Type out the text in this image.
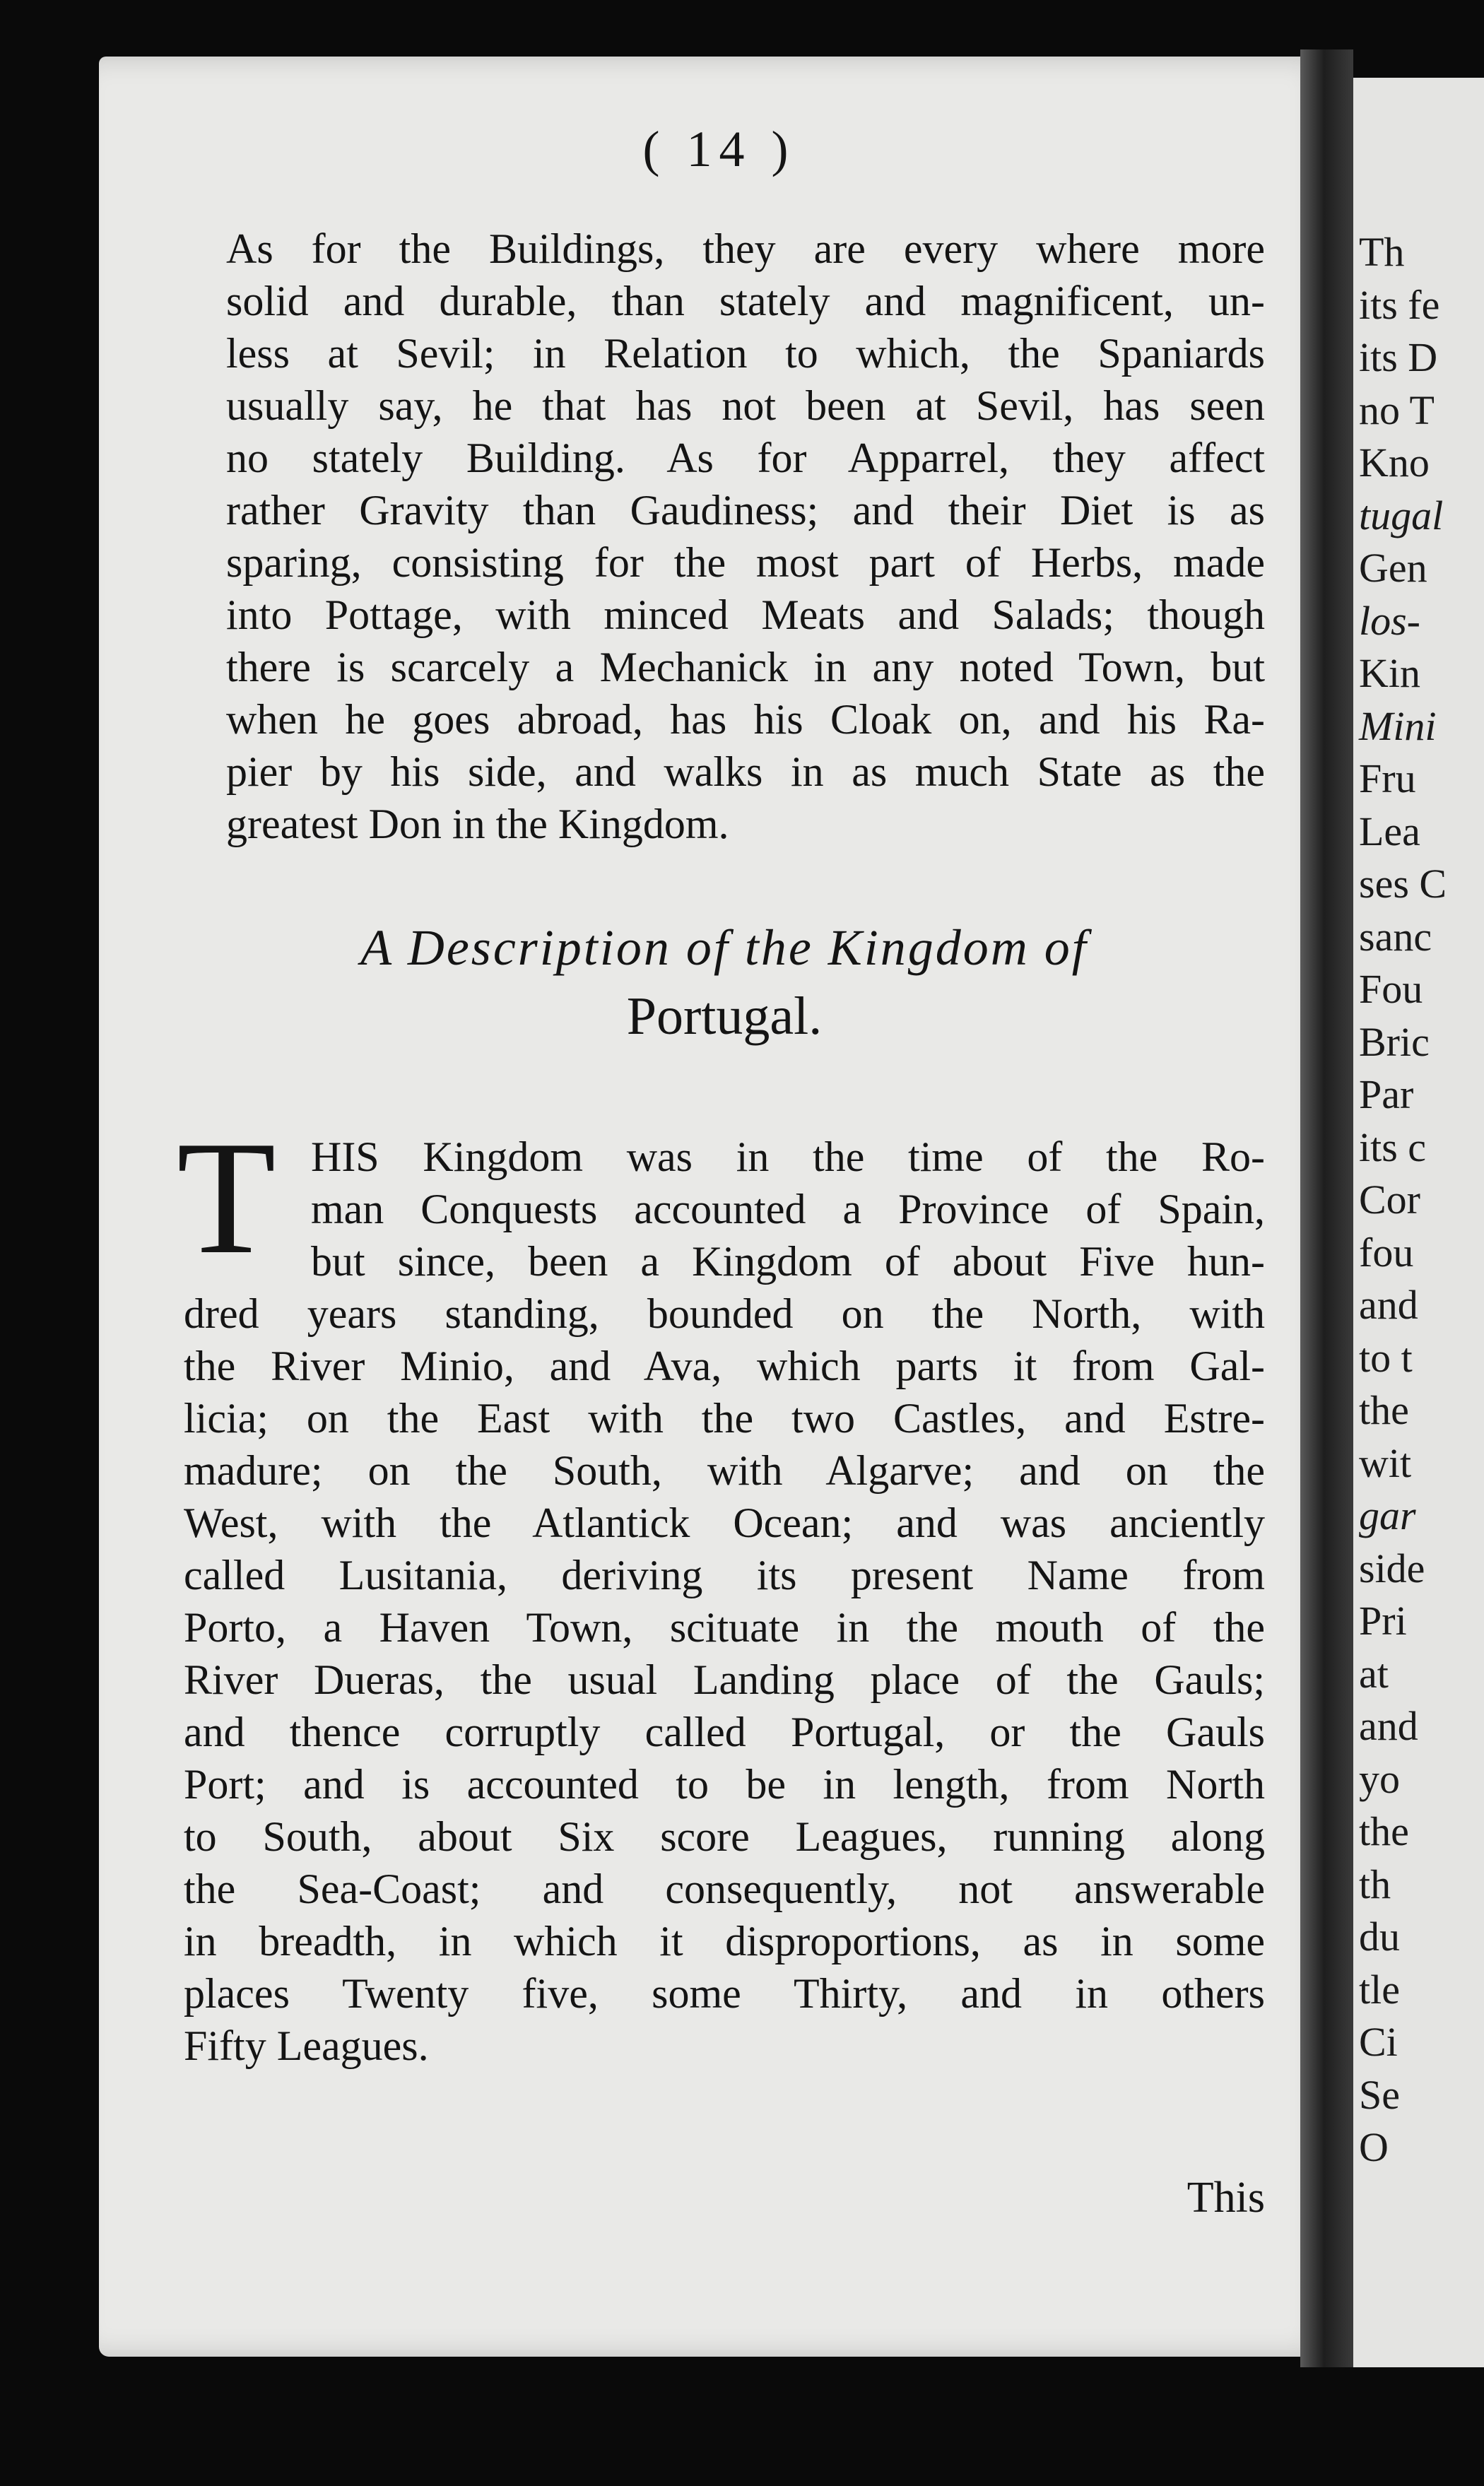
Th
its fe
its D
no T
Kno
tugal
Gen
los-
Kin
Mini
Fru
Lea
ses C
sanc
Fou
Bric
Par
its c
Cor
fou
and
to t
the
wit
gar
side
Pri
at
and
yo
the
th
du
tle
Ci
Se
O
( 14 )
As for the Buildings, they are every where more
solid and durable, than stately and magnificent, un-
less at Sevil; in Relation to which, the Spaniards
usually say, he that has not been at Sevil, has seen
no stately Building. As for Apparrel, they affect
rather Gravity than Gaudiness; and their Diet is as
sparing, consisting for the most part of Herbs, made
into Pottage, with minced Meats and Salads; though
there is scarcely a Mechanick in any noted Town, but
when he goes abroad, has his Cloak on, and his Ra-
pier by his side, and walks in as much State as the
greatest Don in the Kingdom.
A Description of the Kingdom of
Portugal.
T HIS Kingdom was in the time of the Ro-
man Conquests accounted a Province of Spain,
but since, been a Kingdom of about Five hun-
dred years standing, bounded on the North, with
the River Minio, and Ava, which parts it from Gal-
licia; on the East with the two Castles, and Estre-
madure; on the South, with Algarve; and on the
West, with the Atlantick Ocean; and was anciently
called Lusitania, deriving its present Name from
Porto, a Haven Town, scituate in the mouth of the
River Dueras, the usual Landing place of the Gauls;
and thence corruptly called Portugal, or the Gauls
Port; and is accounted to be in length, from North
to South, about Six score Leagues, running along
the Sea-Coast; and consequently, not answerable
in breadth, in which it disproportions, as in some
places Twenty five, some Thirty, and in others
Fifty Leagues.
This
